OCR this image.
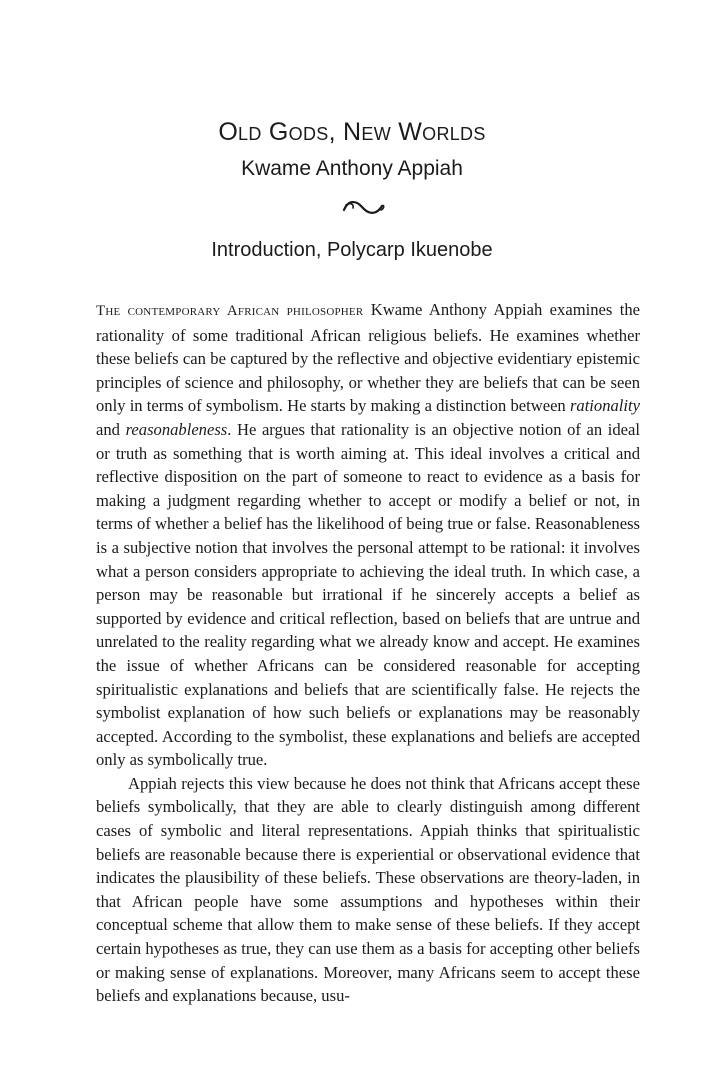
Old Gods, New Worlds
Kwame Anthony Appiah
Introduction, Polycarp Ikuenobe

The contemporary African philosopher Kwame Anthony Appiah examines the rationality of some traditional African religious beliefs. He examines whether these beliefs can be captured by the reflective and objective evidentiary epistemic principles of science and philosophy, or whether they are beliefs that can be seen only in terms of symbolism. He starts by making a distinction between rationality and reasonableness. He argues that rationality is an objective notion of an ideal or truth as something that is worth aiming at. This ideal involves a critical and reflective disposition on the part of someone to react to evidence as a basis for making a judgment regarding whether to accept or modify a belief or not, in terms of whether a belief has the likelihood of being true or false. Reasonableness is a subjective notion that involves the personal attempt to be rational: it involves what a person considers appropriate to achieving the ideal truth. In which case, a person may be reasonable but irrational if he sincerely accepts a belief as supported by evidence and critical reflection, based on beliefs that are untrue and unrelated to the reality regarding what we already know and accept. He examines the issue of whether Africans can be considered reasonable for accepting spiritualistic explanations and beliefs that are scientifically false. He rejects the symbolist explanation of how such beliefs or explanations may be reasonably accepted. According to the symbolist, these explanations and beliefs are accepted only as symbolically true.

Appiah rejects this view because he does not think that Africans accept these beliefs symbolically, that they are able to clearly distinguish among different cases of symbolic and literal representations. Appiah thinks that spiritualistic beliefs are reasonable because there is experiential or observational evidence that indicates the plausibility of these beliefs. These observations are theory-laden, in that African people have some assumptions and hypotheses within their conceptual scheme that allow them to make sense of these beliefs. If they accept certain hypotheses as true, they can use them as a basis for accepting other beliefs or making sense of explanations. Moreover, many Africans seem to accept these beliefs and explanations because, usu-
